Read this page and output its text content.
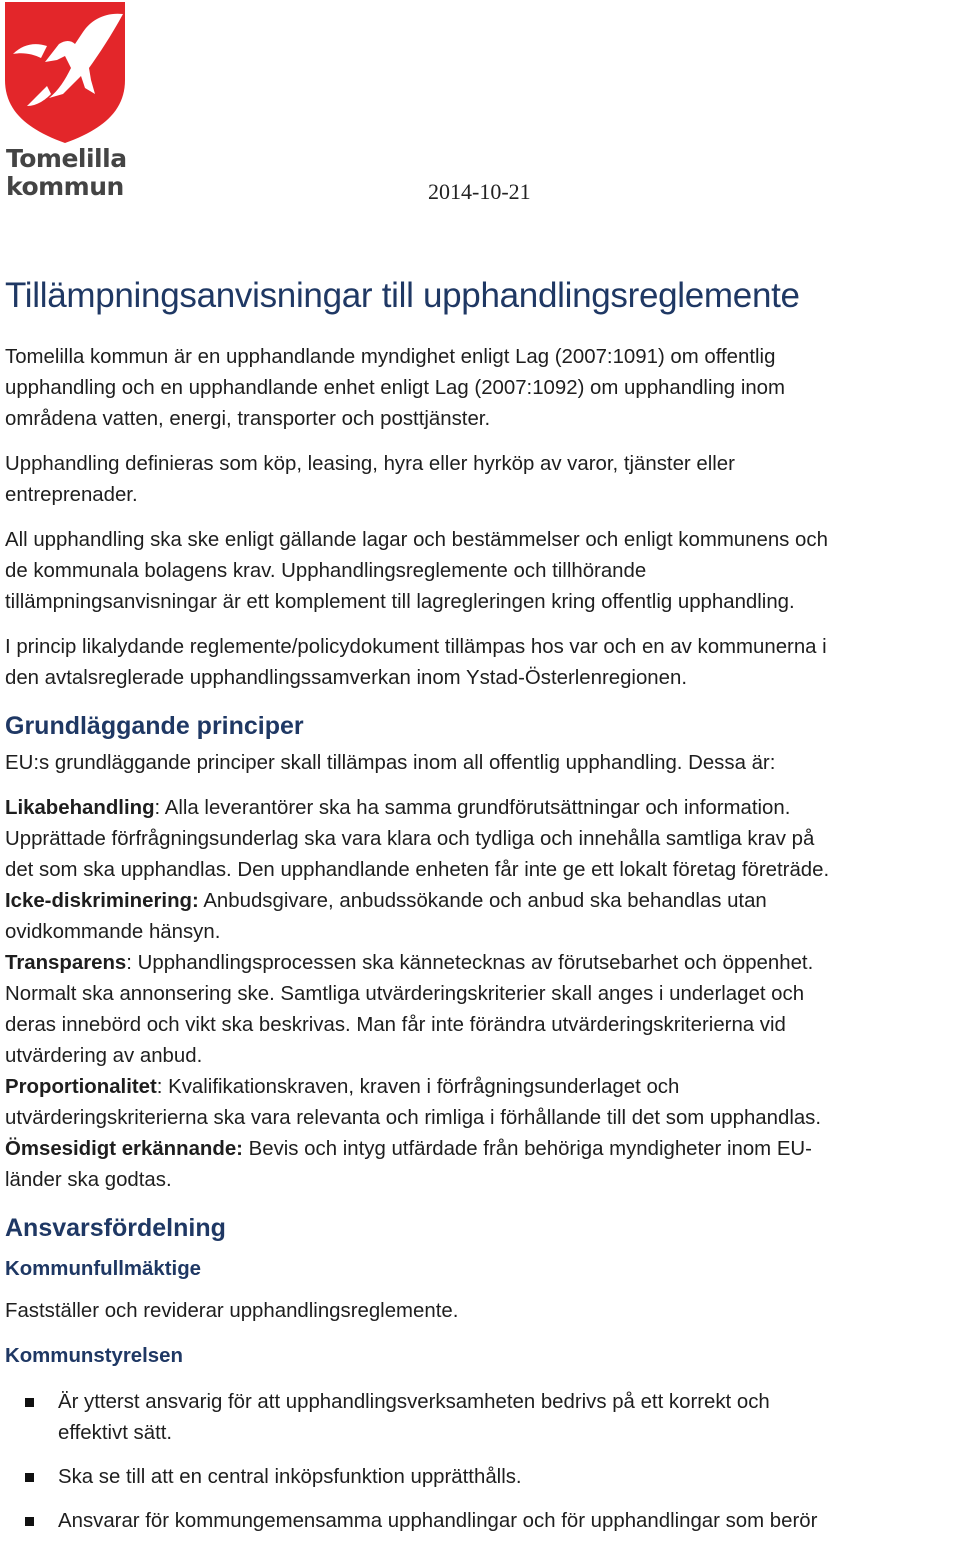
Tomelilla
kommun	2014-10-21
Tillämpningsanvisningar till upphandlingsreglemente
Tomelilla kommun är en upphandlande myndighet enligt Lag (2007:1091) om offentlig
upphandling och en upphandlande enhet enligt Lag (2007:1092) om upphandling inom
områdena vatten, energi, transporter och posttjänster.
Upphandling definieras som köp, leasing, hyra eller hyrköp av varor, tjänster eller
entreprenader.
All upphandling ska ske enligt gällande lagar och bestämmelser och enligt kommunens och
de kommunala bolagens krav. Upphandlingsreglemente och tillhörande
tillämpningsanvisningar är ett komplement till lagregleringen kring offentlig upphandling.
I princip likalydande reglemente/policydokument tillämpas hos var och en av kommunerna i
den avtalsreglerade upphandlingssamverkan inom Ystad-Österlenregionen.
Grundläggande principer
EU:s grundläggande principer skall tillämpas inom all offentlig upphandling. Dessa är:
Likabehandling: Alla leverantörer ska ha samma grundförutsättningar och information.
Upprättade förfrågningsunderlag ska vara klara och tydliga och innehålla samtliga krav på
det som ska upphandlas. Den upphandlande enheten får inte ge ett lokalt företag företräde.
Icke-diskriminering: Anbudsgivare, anbudssökande och anbud ska behandlas utan
ovidkommande hänsyn.
Transparens: Upphandlingsprocessen ska kännetecknas av förutsebarhet och öppenhet.
Normalt ska annonsering ske. Samtliga utvärderingskriterier skall anges i underlaget och
deras innebörd och vikt ska beskrivas. Man får inte förändra utvärderingskriterierna vid
utvärdering av anbud.
Proportionalitet: Kvalifikationskraven, kraven i förfrågningsunderlaget och
utvärderingskriterierna ska vara relevanta och rimliga i förhållande till det som upphandlas.
Ömsesidigt erkännande: Bevis och intyg utfärdade från behöriga myndigheter inom EU-
länder ska godtas.
Ansvarsfördelning
Kommunfullmäktige
Fastställer och reviderar upphandlingsreglemente.
Kommunstyrelsen
Är ytterst ansvarig för att upphandlingsverksamheten bedrivs på ett korrekt och
effektivt sätt.
Ska se till att en central inköpsfunktion upprätthålls.
Ansvarar för kommungemensamma upphandlingar och för upphandlingar som berör
